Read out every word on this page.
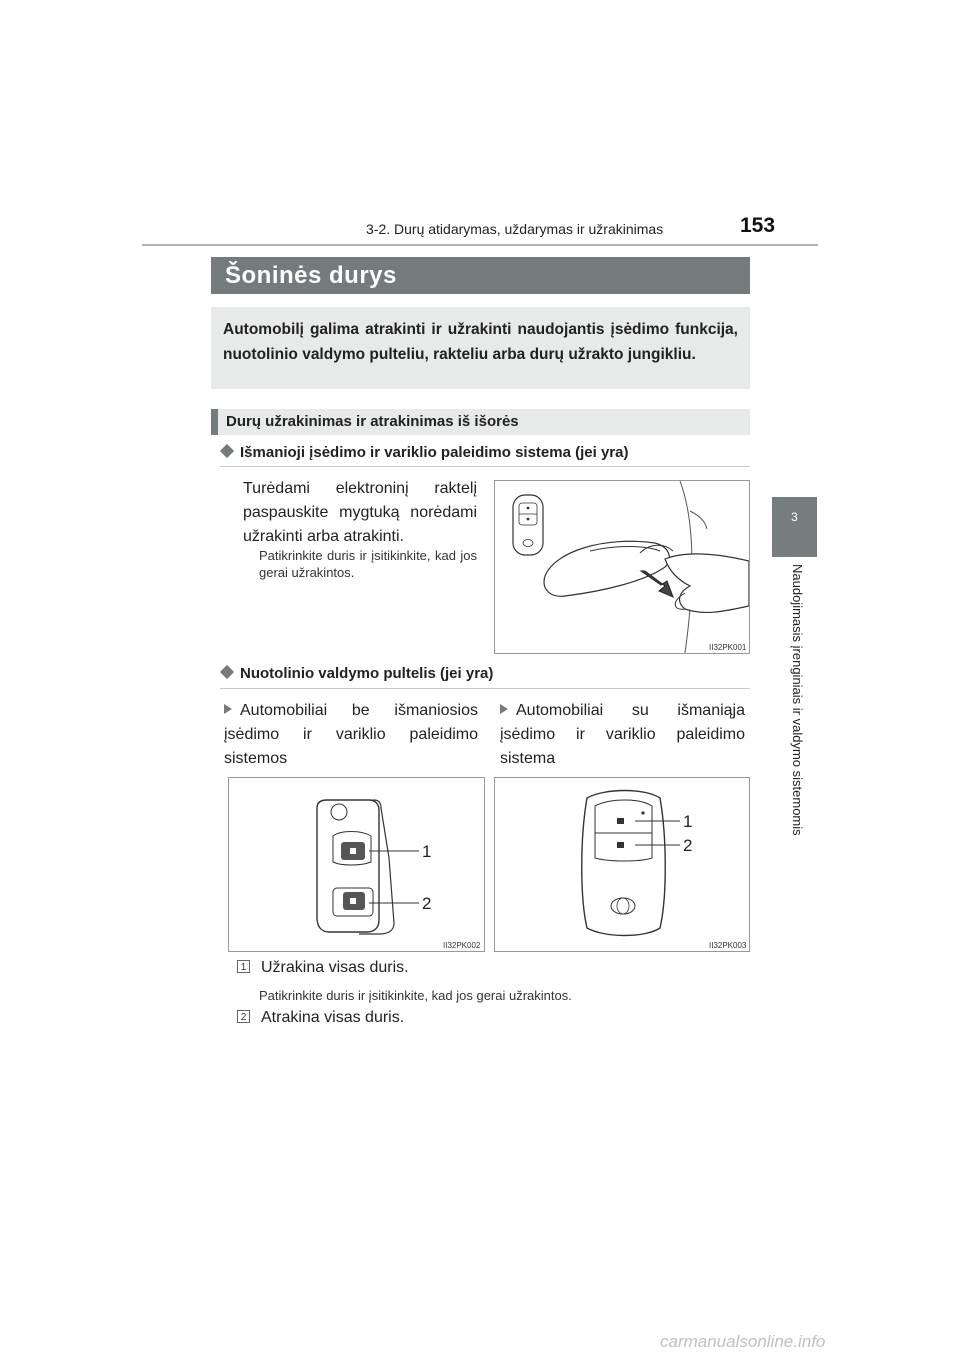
3-2. Durų atidarymas, uždarymas ir užrakinimas	153
3
Naudojimasis įrenginiais ir valdymo sistemomis
Šoninės durys
Automobilį galima atrakinti ir užrakinti naudojantis įsėdimo funkcija, nuotolinio valdymo pulteliu, rakteliu arba durų užrakto jungikliu.
Durų užrakinimas ir atrakinimas iš išorės
Išmanioji įsėdimo ir variklio paleidimo sistema (jei yra)
Turėdami elektroninį raktelį paspauskite mygtuką norėdami užrakinti arba atrakinti.
Patikrinkite duris ir įsitikinkite, kad jos gerai užrakintos.
II32PK001
Nuotolinio valdymo pultelis (jei yra)
Automobiliai be išmaniosios įsėdimo ir variklio paleidimo sistemos
Automobiliai su išmaniąja įsėdimo ir variklio paleidimo sistema
1
2
II32PK002
1
2
II32PK003
1 Užrakina visas duris.
Patikrinkite duris ir įsitikinkite, kad jos gerai užrakintos.
2 Atrakina visas duris.
carmanualsonline.info
